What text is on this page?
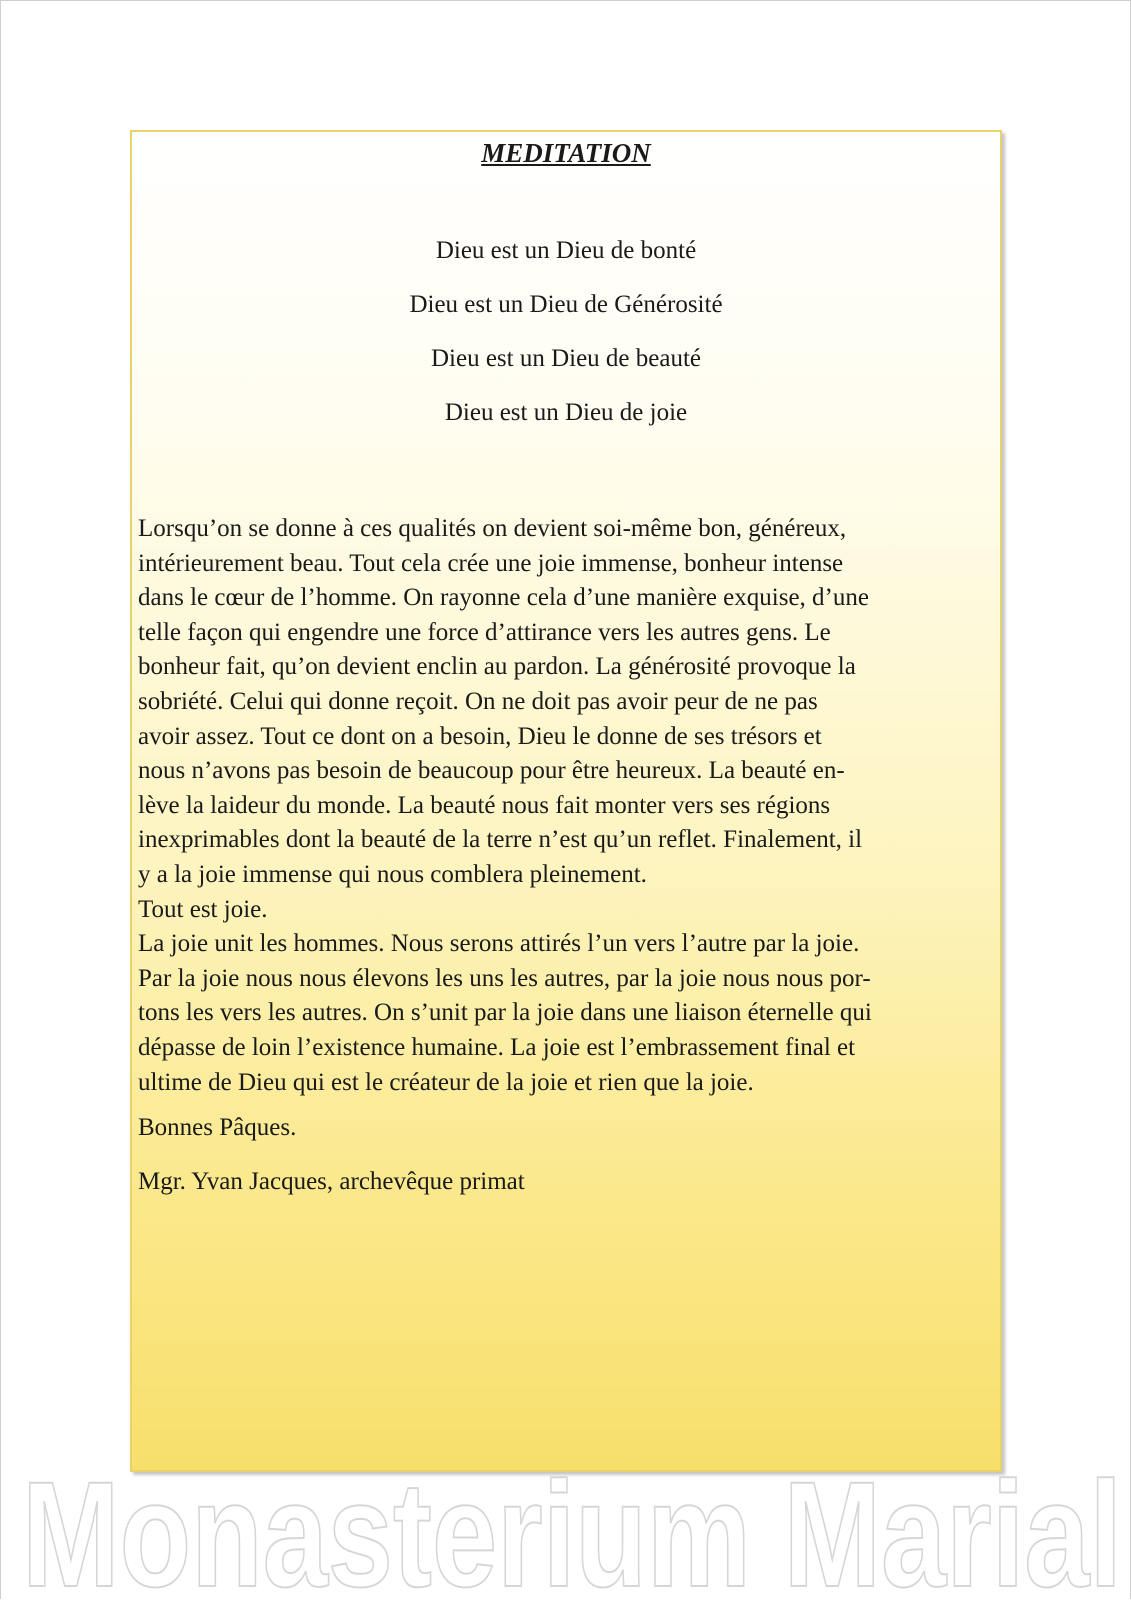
MEDITATION
Dieu est un Dieu de bonté
Dieu est un Dieu de Générosité
Dieu est un Dieu de beauté
Dieu est un Dieu de joie
Lorsqu’on se donne à ces qualités on devient soi-même bon, généreux,
intérieurement beau. Tout cela crée une joie immense, bonheur intense
dans le cœur de l’homme. On rayonne cela d’une manière exquise, d’une
telle façon qui engendre une force d’attirance vers les autres gens. Le
bonheur fait, qu’on devient enclin au pardon. La générosité provoque la
sobriété. Celui qui donne reçoit. On ne doit pas avoir peur de ne pas
avoir assez. Tout ce dont on a besoin, Dieu le donne de ses trésors et
nous n’avons pas besoin de beaucoup pour être heureux. La beauté en-
lève la laideur du monde. La beauté nous fait monter vers ses régions
inexprimables dont la beauté de la terre n’est qu’un reflet. Finalement, il
y a la joie immense qui nous comblera pleinement.
Tout est joie.
La joie unit les hommes. Nous serons attirés l’un vers l’autre par la joie.
Par la joie nous nous élevons les uns les autres, par la joie nous nous por-
tons les vers les autres. On s’unit par la joie dans une liaison éternelle qui
dépasse de loin l’existence humaine. La joie est l’embrassement final et
ultime de Dieu qui est le créateur de la joie et rien que la joie.
Bonnes Pâques.
Mgr. Yvan Jacques, archevêque primat
Monasterium Marial
